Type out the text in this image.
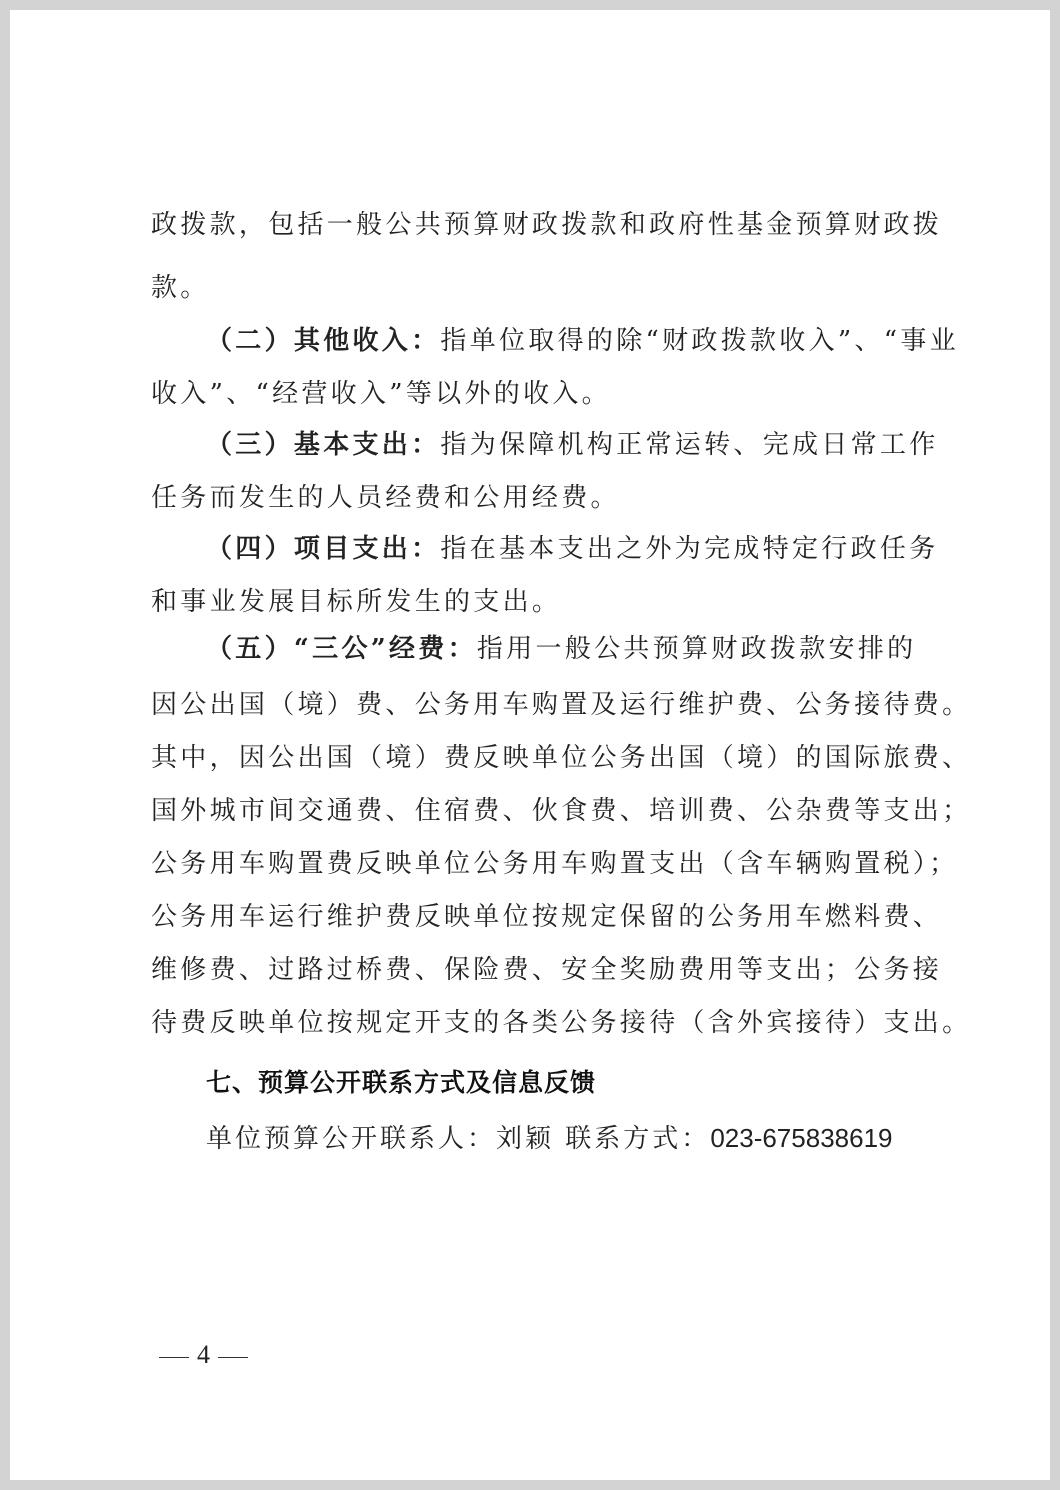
政拨款，包括一般公共预算财政拨款和政府性基金预算财政拨
款。
（二）其他收入：指单位取得的除“财政拨款收入”、“事业
收入”、“经营收入”等以外的收入。
（三）基本支出：指为保障机构正常运转、完成日常工作
任务而发生的人员经费和公用经费。
（四）项目支出：指在基本支出之外为完成特定行政任务
和事业发展目标所发生的支出。
（五）“三公”经费：指用一般公共预算财政拨款安排的
因公出国（境）费、公务用车购置及运行维护费、公务接待费。
其中，因公出国（境）费反映单位公务出国（境）的国际旅费、
国外城市间交通费、住宿费、伙食费、培训费、公杂费等支出；
公务用车购置费反映单位公务用车购置支出（含车辆购置税）；
公务用车运行维护费反映单位按规定保留的公务用车燃料费、
维修费、过路过桥费、保险费、安全奖励费用等支出；公务接
待费反映单位按规定开支的各类公务接待（含外宾接待）支出。
七、预算公开联系方式及信息反馈
单位预算公开联系人：刘颖 联系方式：023-675838619
4
